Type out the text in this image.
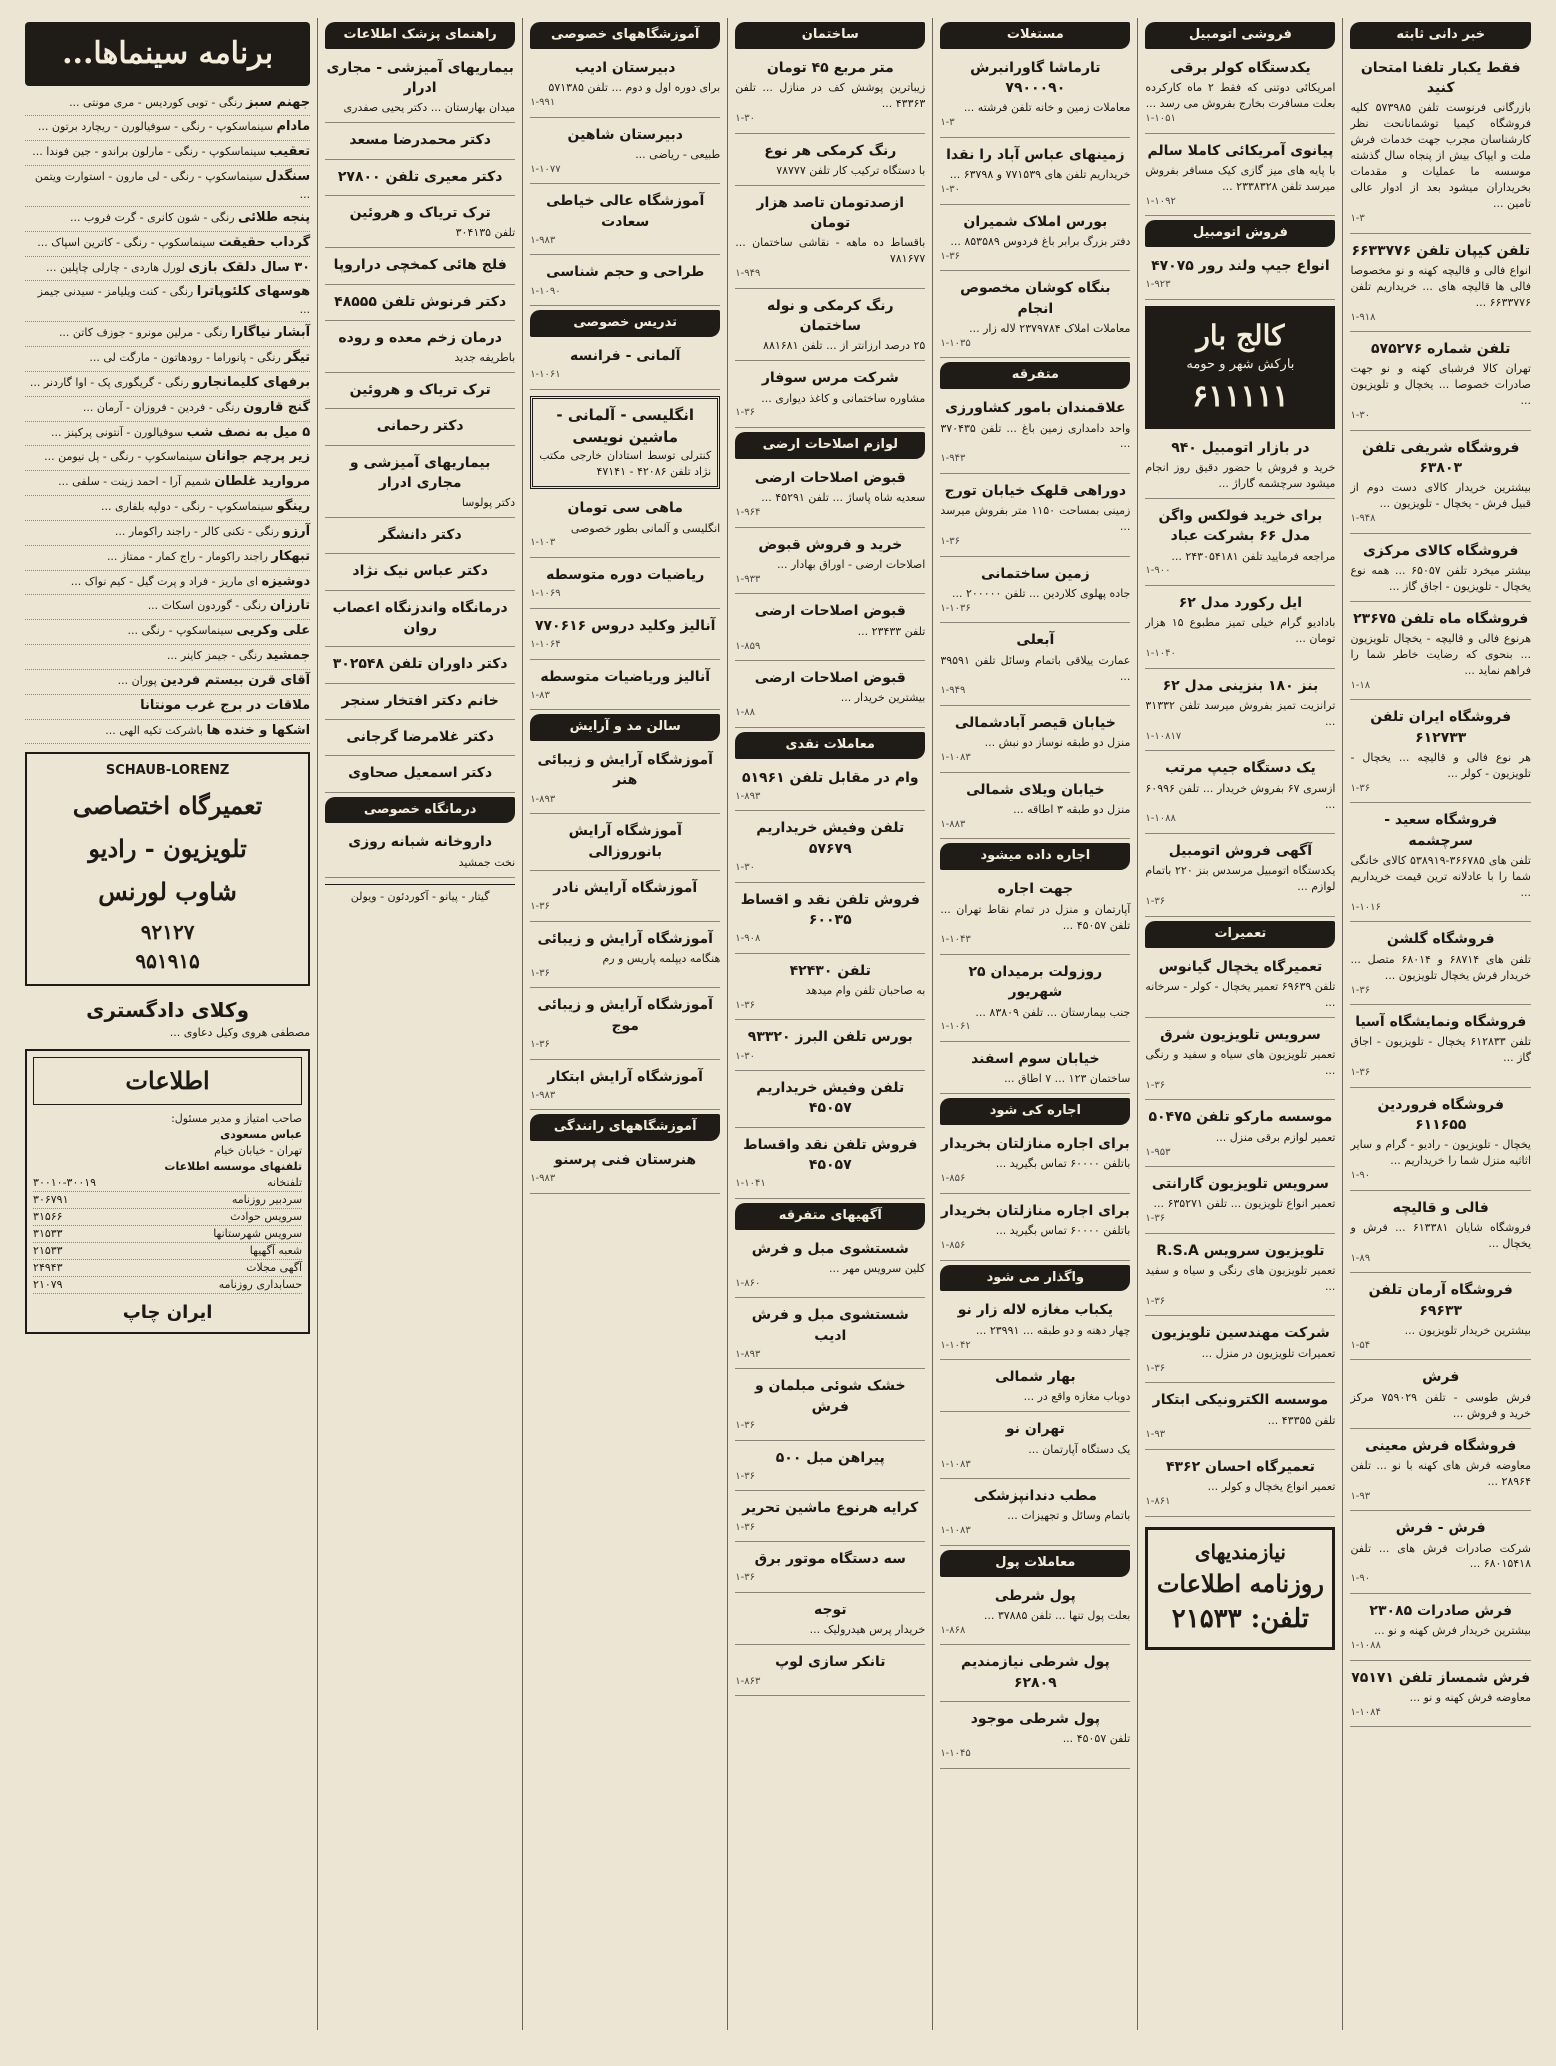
خبر دانی ثابته
فقط یکبار تلفنا امتحان کنید
بازرگانی فرنوست تلفن ۵۷۳۹۸۵ کلیه فروشگاه کیمیا توشمانانحت نظر کارشناسان مجرب جهت خدمات فرش ملت و ایپاک بیش از پنجاه سال گذشته موسسه ما عملیات و مقدمات بخریداران میشود بعد از ادوار عالی تامین ...
۱-۳
تلفن کیپان تلفن ۶۶۳۳۷۷۶
انواع فالی و قالیچه کهنه و نو مخصوصا فالی ها قالیچه های ... خریداریم تلفن ۶۶۳۳۷۷۶ ...
۱-۹۱۸
تلفن شماره ۵۷۵۲۷۶
تهران کالا فرشبای کهنه و نو جهت صادرات خصوصا ... یخچال و تلویزیون ...
۱-۳۰
فروشگاه شریفی تلفن ۶۳۸۰۳
بیشترین خریدار کالای دست دوم از قبیل فرش - یخچال - تلویزیون ...
۱-۹۴۸
فروشگاه کالای مرکزی
بیشتر میخرد تلفن ۶۵۰۵۷ ... همه نوع یخچال - تلویزیون - اجاق گاز ...
فروشگاه ماه تلفن ۲۳۶۷۵
هرنوع فالی و قالیچه - یخچال تلویزیون ... بنحوی که رضایت خاطر شما را فراهم نماید ...
۱-۱۸
فروشگاه ایران تلفن ۶۱۲۷۳۳
هر نوع فالی و قالیچه ... یخچال - تلویزیون - کولر ...
۱-۳۶
فروشگاه سعید - سرچشمه
تلفن های ۳۶۶۷۸۵-۵۳۸۹۱۹ کالای خانگی شما را با عادلانه ترین قیمت خریداریم ...
۱-۱۰۱۶
فروشگاه گلشن
تلفن های ۶۸۷۱۴ و ۶۸۰۱۴ متصل ... خریدار فرش یخچال تلویزیون ...
۱-۳۶
فروشگاه ونمایشگاه آسیا
تلفن ۶۱۲۸۳۳ یخچال - تلویزیون - اجاق گاز ...
۱-۳۶
فروشگاه فروردین ۶۱۱۶۵۵
یخچال - تلویزیون - رادیو - گرام و سایر اثاثیه منزل شما را خریداریم ...
۱-۹۰
فالی و قالیچه
فروشگاه شایان ۶۱۳۳۸۱ ... فرش و یخچال ...
۱-۸۹
فروشگاه آرمان تلفن ۶۹۶۳۳
بیشترین خریدار تلویزیون ...
۱-۵۴
فرش
فرش طوسی - تلفن ۷۵۹۰۲۹ مرکز خرید و فروش ...
فروشگاه فرش معینی
معاوضه فرش های کهنه با نو ... تلفن ۲۸۹۶۴ ...
۱-۹۳
فرش - فرش
شرکت صادرات فرش های ... تلفن ۶۸۰۱۵۴۱۸ ...
۱-۹۰
فرش صادرات ۲۳۰۸۵
بیشترین خریدار فرش کهنه و نو ...
۱-۱۰۸۸
فرش شمساز تلفن ۷۵۱۷۱
معاوضه فرش کهنه و نو ...
۱-۱۰۸۴
فروشی اتومبیل
یکدستگاه کولر برقی
امریکائی دوتنی که فقط ۲ ماه کارکرده بعلت مسافرت بخارج بفروش می رسد ...
۱-۱۰۵۱
پیانوی آمریکائی کاملا سالم
با پایه های میز گازی کیک مسافر بفروش میرسد تلفن ۲۳۳۸۳۲۸ ...
۱-۱۰۹۲
فروش اتومبیل
انواع جیپ ولند رور ۴۷۰۷۵
۱-۹۲۳
کالج بار
بارکش شهر و حومه
۶۱۱۱۱۱
در بازار اتومبیل ۹۴۰
خرید و فروش با حضور دقیق روز انجام میشود سرچشمه گاراژ ...
برای خرید فولکس واگن مدل ۶۶ بشرکت عباد
مراجعه فرمایید تلفن ۲۴۳۰۵۴۱۸۱ ...
۱-۹۰۰
ایل رکورد مدل ۶۲
بادادیو گرام خیلی تمیز مطبوع ۱۵ هزار تومان ...
۱-۱۰۴۰
بنز ۱۸۰ بنزینی مدل ۶۲
ترانزیت تمیز بفروش میرسد تلفن ۳۱۳۳۲ ...
۱-۱۰۸۱۷
یک دستگاه جیپ مرتب
ازسری ۶۷ بفروش خریدار ... تلفن ۶۰۹۹۶ ...
۱-۱۰۸۸
آگهی فروش اتومبیل
یکدستگاه اتومبیل مرسدس بنز ۲۲۰ باتمام لوازم ...
۱-۳۶
تعمیرات
تعمیرگاه یخچال گیانوس
تلفن ۶۹۶۳۹ تعمیر یخچال - کولر - سرخانه ...
سرویس تلویزیون شرق
تعمیر تلویزیون های سیاه و سفید و رنگی ...
۱-۳۶
موسسه مارکو تلفن ۵۰۴۷۵
تعمیر لوازم برقی منزل ...
۱-۹۵۳
سرویس تلویزیون گارانتی
تعمیر انواع تلویزیون ... تلفن ۶۳۵۲۷۱ ...
۱-۳۶
تلویزیون سرویس R.S.A
تعمیر تلویزیون های رنگی و سیاه و سفید ...
۱-۳۶
شرکت مهندسین تلویزیون
تعمیرات تلویزیون در منزل ...
۱-۳۶
موسسه الکترونیکی ابتکار
تلفن ۴۳۳۵۵ ...
۱-۹۳
تعمیرگاه احسان ۴۳۶۲
تعمیر انواع یخچال و کولر ...
۱-۸۶۱
نیازمندیهای
روزنامه اطلاعات
تلفن: ۲۱۵۳۳
مستغلات
تارماشا گاورانبرش ۷۹۰۰۰۹۰
معاملات زمین و خانه تلفن فرشته ...
۱-۳
زمینهای عباس آباد را نقدا
خریداریم تلفن های ۷۷۱۵۳۹ و ۶۳۷۹۸ ...
۱-۳۰
بورس املاک شمیران
دفتر بزرگ برابر باغ فردوس ۸۵۳۵۸۹ ...
۱-۳۶
بنگاه کوشان مخصوص انجام
معاملات املاک ۲۳۷۹۷۸۴ لاله زار ...
۱-۱۰۳۵
متفرقه
علاقمندان بامور کشاورزی
واحد دامداری زمین باغ ... تلفن ۳۷۰۴۳۵ ...
۱-۹۴۳
دوراهی قلهک خیابان تورج
زمینی بمساحت ۱۱۵۰ متر بفروش میرسد ...
۱-۳۶
زمین ساختمانی
جاده پهلوی کلاردین ... تلفن ۲۰۰۰۰۰ ...
۱-۱۰۳۶
آبعلی
عمارت ییلاقی باتمام وسائل تلفن ۳۹۵۹۱ ...
۱-۹۴۹
خیابان قیصر آبادشمالی
منزل دو طبقه نوساز دو نبش ...
۱-۱۰۸۳
خیابان ویلای شمالی
منزل دو طبقه ۳ اطاقه ...
۱-۸۸۳
اجاره داده میشود
جهت اجاره
آپارتمان و منزل در تمام نقاط تهران ... تلفن ۴۵۰۵۷ ...
۱-۱۰۴۳
روزولت برمیدان ۲۵ شهریور
جنب بیمارستان ... تلفن ۸۳۸۰۹ ...
۱-۱۰۶۱
خیابان سوم اسفند
ساختمان ۱۲۳ ... ۷ اطاق ...
اجاره کی شود
برای اجاره منازلتان بخریدار
باتلفن ۶۰۰۰۰ تماس بگیرید ...
۱-۸۵۶
برای اجاره منازلتان بخریدار
باتلفن ۶۰۰۰۰ تماس بگیرید ...
۱-۸۵۶
واگذار می شود
یکباب مغازه لاله زار نو
چهار دهنه و دو طبقه ... ۲۳۹۹۱ ...
۱-۱۰۴۲
بهار شمالی
دوباب مغازه واقع در ...
تهران نو
یک دستگاه آپارتمان ...
۱-۱۰۸۳
مطب دندانپزشکی
باتمام وسائل و تجهیزات ...
۱-۱۰۸۳
معاملات پول
پول شرطی
بعلت پول تنها ... تلفن ۳۷۸۸۵ ...
۱-۸۶۸
پول شرطی نیازمندیم ۶۲۸۰۹
پول شرطی موجود
تلفن ۴۵۰۵۷ ...
۱-۱۰۴۵
ساختمان
متر مربع ۴۵ تومان
زیباترین پوشش کف در منازل ... تلفن ۴۳۳۶۳ ...
۱-۳۰
رنگ کرمکی هر نوع
با دستگاه ترکیب کار تلفن ۷۸۷۷۷
ازصدتومان تاصد هزار تومان
باقساط ده ماهه - نقاشی ساختمان ... ۷۸۱۶۷۷
۱-۹۴۹
رنگ کرمکی و نوله ساختمان
۲۵ درصد ارزانتر از ... تلفن ۸۸۱۶۸۱
شرکت مرس سوفار
مشاوره ساختمانی و کاغذ دیواری ...
۱-۳۶
لوازم اصلاحات ارضی
قبوض اصلاحات ارضی
سعدیه شاه پاساژ ... تلفن ۴۵۲۹۱ ...
۱-۹۶۴
خرید و فروش قبوض
اصلاحات ارضی - اوراق بهادار ...
۱-۹۳۳
قبوض اصلاحات ارضی
تلفن ۲۳۴۳۳ ...
۱-۸۵۹
قبوض اصلاحات ارضی
بیشترین خریدار ...
۱-۸۸
معاملات نقدی
وام در مقابل تلفن ۵۱۹۶۱
۱-۸۹۳
تلفن وفیش خریداریم ۵۷۶۷۹
۱-۳۰
فروش تلفن نقد و اقساط ۶۰۰۳۵
۱-۹۰۸
تلفن ۴۲۴۳۰
به صاحبان تلفن وام میدهد
۱-۳۶
بورس تلفن البرز ۹۳۳۲۰
۱-۳۰
تلفن وفیش خریداریم ۴۵۰۵۷
فروش تلفن نقد واقساط ۴۵۰۵۷
۱-۱۰۴۱
آگهیهای متفرقه
شستشوی مبل و فرش
کلین سرویس مهر ...
۱-۸۶۰
شستشوی مبل و فرش ادیب
۱-۸۹۳
خشک شوئی مبلمان و فرش
۱-۳۶
پیراهن مبل ۵۰۰
۱-۳۶
کرایه هرنوع ماشین تحریر
۱-۳۶
سه دستگاه موتور برق
۱-۳۶
توجه
خریدار پرس هیدرولیک ...
تانکر سازی لوپ
۱-۸۶۳
آموزشگاههای خصوصی
دبیرستان ادیب
برای دوره اول و دوم ... تلفن ۵۷۱۳۸۵
۱-۹۹۱
دبیرستان شاهین
طبیعی - ریاضی ...
۱-۱۰۷۷
آموزشگاه عالی خیاطی سعادت
۱-۹۸۳
طراحی و حجم شناسی
۱-۱۰۹۰
تدریس خصوصی
آلمانی - فرانسه
۱-۱۰۶۱
انگلیسی - آلمانی - ماشین نویسی
کنترلی توسط استادان خارجی مکتب نژاد تلفن ۴۲۰۸۶ - ۴۷۱۴۱
ماهی سی تومان
انگلیسی و آلمانی بطور خصوصی
۱-۱۰۳
ریاضیات دوره متوسطه
۱-۱۰۶۹
آنالیز وکلید دروس ۷۷۰۶۱۶
۱-۱۰۶۴
آنالیز وریاضیات متوسطه
۱-۸۳
سالن مد و آرایش
آموزشگاه آرایش و زیبائی هنر
۱-۸۹۳
آموزشگاه آرایش بانوروزالی
آموزشگاه آرایش نادر
۱-۳۶
آموزشگاه آرایش و زیبائی
هنگامه دیپلمه پاریس و رم
۱-۳۶
آموزشگاه آرایش و زیبائی موج
۱-۳۶
آموزشگاه آرایش ابتکار
۱-۹۸۳
آموزشگاههای رانندگی
هنرستان فنی پرسنو
۱-۹۸۳
راهنمای پزشک اطلاعات
بیماریهای آمیزشی - مجاری ادرار
میدان بهارستان ... دکتر یحیی صفدری
دکتر محمدرضا مسعد
دکتر معیری تلفن ۲۷۸۰۰
ترک تریاک و هروئین
تلفن ۳۰۴۱۳۵
فلج هائی کمخچی دراروپا
دکتر فرنوش تلفن ۴۸۵۵۵
درمان زخم معده و روده
باطریفه جدید
ترک تریاک و هروئین
دکتر رحمانی
بیماریهای آمیزشی و مجاری ادرار
دکتر پولوسا
دکتر دانشگر
دکتر عباس نیک نژاد
درمانگاه واندزنگاه اعصاب روان
دکتر داوران تلفن ۳۰۲۵۴۸
خانم دکتر افتخار سنجر
دکتر غلامرضا گرجانی
دکتر اسمعیل صحاوی
درمانگاه خصوصی
داروخانه شبانه روزی
نخت جمشید
گیتار - پیانو - آکوردئون - ویولن
برنامه سینماها...
جهنم سبز رنگی - توبی کوردیس - مری مونتی ...
مادام سینماسکوپ - رنگی - سوفیالورن - ریچارد برتون ...
تعقیب سینماسکوپ - رنگی - مارلون براندو - جین فوندا ...
سنگدل سینماسکوپ - رنگی - لی مارون - استوارت ویتمن ...
پنجه طلائی رنگی - شون کانری - گرت فروب ...
گرداب حقیقت سینماسکوپ - رنگی - کاترین اسپاک ...
۳۰ سال دلقک بازی لورل هاردی - چارلی چاپلین ...
هوسهای کلئوپاترا رنگی - کنت ویلیامز - سیدنی جیمز ...
آبشار نیاگارا رنگی - مرلین مونرو - جوزف کاتن ...
تیگر رنگی - پانوراما - رودهاتون - مارگت لی ...
برفهای کلیمانجارو رنگی - گریگوری پک - اوا گاردنر ...
گنج قارون رنگی - فردین - فروزان - آرمان ...
۵ میل به نصف شب سوفیالورن - آنتونی پرکینز ...
زیر پرچم جوانان سینماسکوپ - رنگی - پل نیومن ...
مروارید غلطان شمیم آرا - احمد زینت - سلفی ...
رینگو سینماسکوپ - رنگی - دولپه بلفاری ...
آرزو رنگی - تکنی کالر - راجند راکومار ...
تبهکار راجند راکومار - راج کمار - ممتاز ...
دوشیزه ای ماریز - فراد و پرت گیل - کیم نواک ...
تارزان رنگی - گوردون اسکات ...
علی وکریی سینماسکوپ - رنگی ...
جمشید رنگی - جیمز کاینر ...
آقای قرن بیستم فردین پوران ...
ملاقات در برج غرب مونتانا
اشکها و خنده ها باشرکت تکیه الهی ...
SCHAUB-LORENZ
تعمیرگاه اختصاصی
تلویزیون - رادیو
شاوب لورنس
۹۲۱۲۷
۹۵۱۹۱۵
وکلای دادگستری
مصطفی هروی وکیل دعاوی ...
اطلاعات
صاحب امتیاز و مدیر مسئول:
عباس مسعودی
تهران - خیابان خیام
تلفنهای موسسه اطلاعات
تلفنخانه
۳۰۰۱۰-۳۰۰۱۹
سردبیر روزنامه
۳۰۶۷۹۱
سرویس حوادث
۳۱۵۶۶
سرویس شهرستانها
۳۱۵۳۳
شعبه آگهیها
۲۱۵۳۳
آگهی مجلات
۲۴۹۴۳
حسابداری روزنامه
۲۱۰۷۹
ایران چاپ
